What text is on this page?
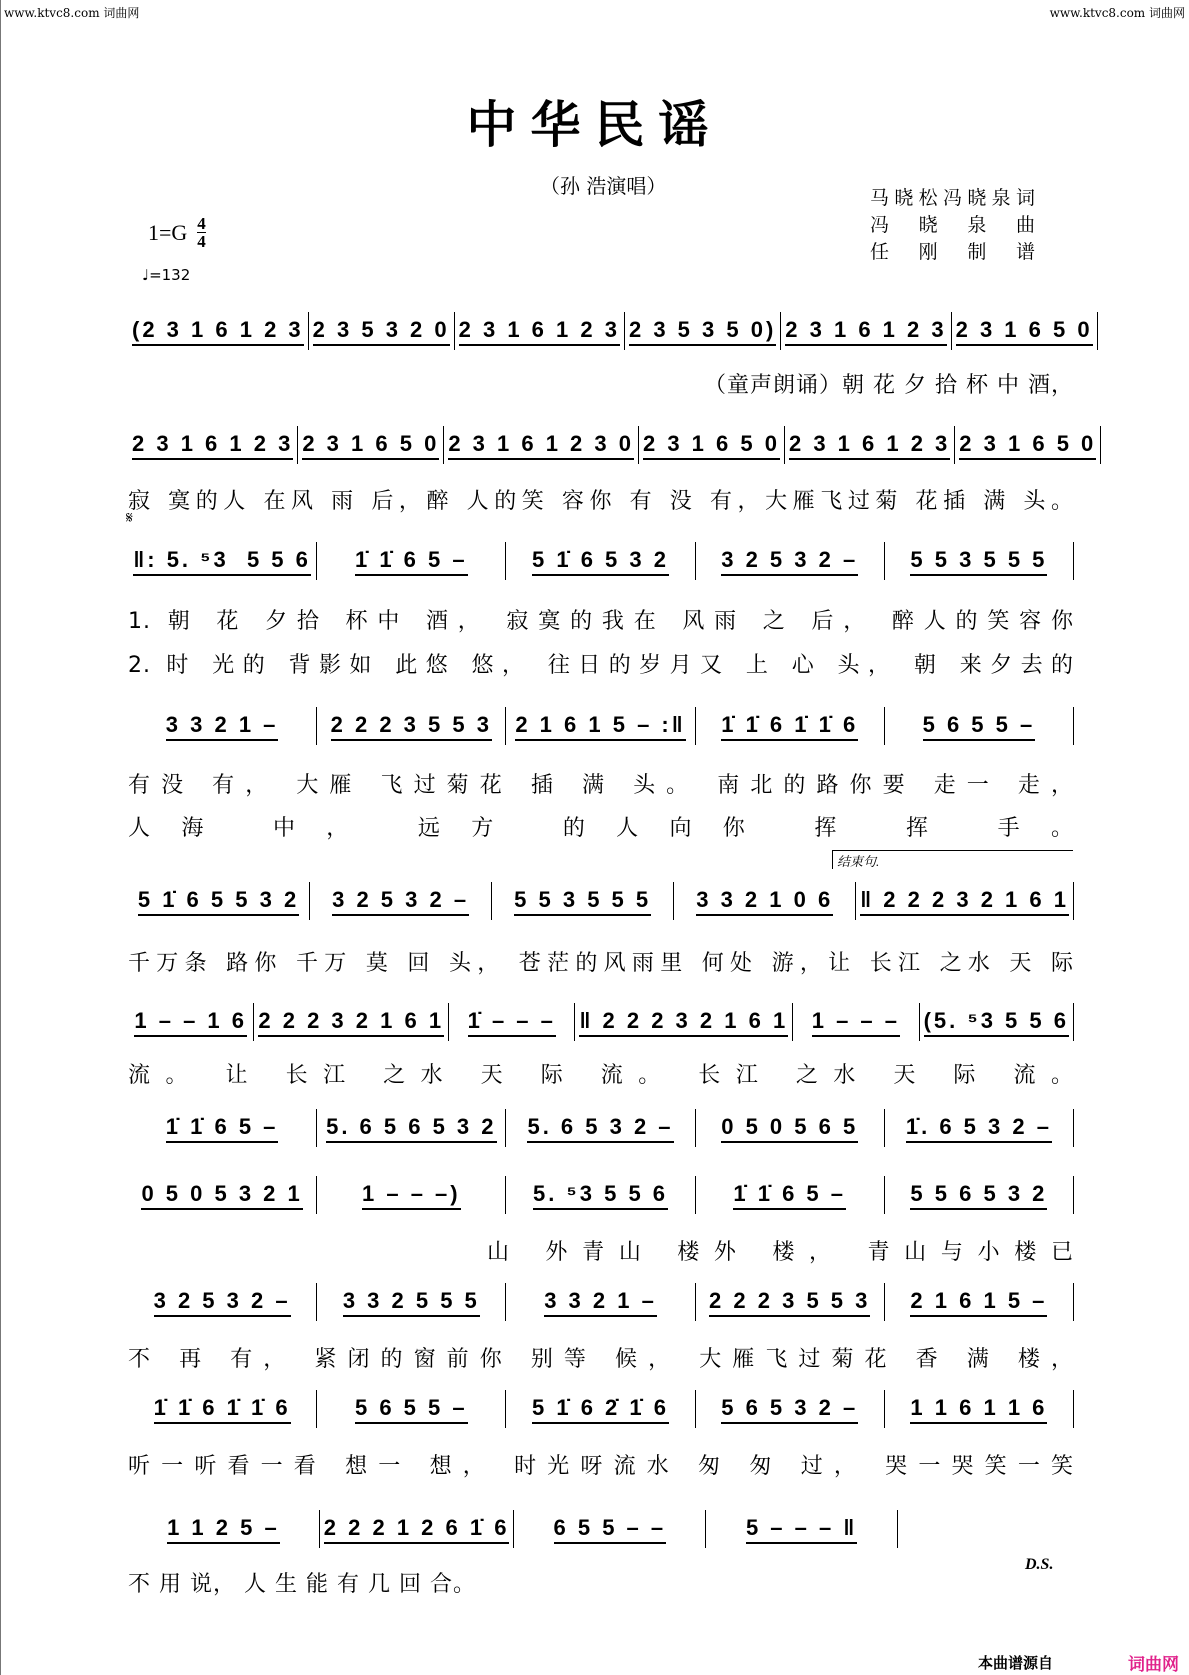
www.ktvc8.com 词曲网	www.ktvc8.com 词曲网
中华民谣
（孙 浩演唱）	马晓松冯晓泉词
冯 晓 泉 曲
任 刚 制 谱
$1=G \frac{4}{4}$
♩=132
𝄋
结束句.
D.S.
本曲谱源自	词曲网
(2 3 1 6 1 2 3 2 3 5 3 2 0 2 3 1 6 1 2 3 2 3 5 3 5 0) 2 3 1 6 1 2 3 2 3 1 6 5 0
（童声朗诵）朝 花 夕 拾 杯 中 酒，
2 3 1 6 1 2 3 2 3 1 6 5 0 2 3 1 6 1 2 3 0 2 3 1 6 5 0 2 3 1 6 1 2 3 2 3 1 6 5 0
寂 寞的人 在风 雨 后，醉 人的笑 容你 有 没 有，大雁飞过菊 花插 满 头。
‖: 5. ⁵3  5 5 6 1̇ 1̇ 6 5 –	5 1̇ 6 5 3 2 3 2 5 3 2 – 5 5 3 5 5 5
1. 朝 花 夕拾 杯中 酒， 寂寞的我在 风雨 之 后， 醉人的笑容你
2. 时 光的 背影如 此悠 悠， 往日的岁月又 上 心 头， 朝 来夕去的
3 3 2 1 – 2 2 2 3 5 5 3 2 1 6 1 5 – :‖ 1̇ 1̇ 6 1̇ 1̇ 6	5 6 5 5 –
有没 有， 大雁 飞过菊花 插 满 头。 南北的路你要 走一 走，
人海 中， 远方 的人向你 挥 挥 手。
5 1̇ 6 5 5 3 2 3 2 5 3 2 – 5 5 3 5 5 5 3 3 2 1 0 6 ‖ 2 2 2 3 2 1 6 1
千万条 路你 千万 莫 回 头， 苍茫的风雨里 何处 游，让 长江 之水 天 际
1 – – 1 6 2 2 2 3 2 1 6 1 1̇ – – – ‖ 2 2 2 3 2 1 6 1 1 – – – (5. ⁵3 5 5 6
流。 让 长江 之水 天 际 流。 长江 之水 天 际 流。
1̇ 1̇ 6 5 – 5. 6 5 6 5 3 2 5. 6 5 3 2 – 0 5 0 5 6 5 1̇. 6 5 3 2 –
0 5 0 5 3 2 1	1 – – –)	5. ⁵3 5 5 6	1̇ 1̇ 6 5 –	5 5 6 5 3 2
山 外青山 楼外 楼， 青山与小楼已
3 2 5 3 2 – 3 3 2 5 5 5	3 3 2 1 – 2 2 2 3 5 5 3 2 1 6 1 5 –
不 再 有， 紧闭的窗前你 别等 候， 大雁飞过菊花 香 满 楼，
1̇ 1̇ 6 1̇ 1̇ 6	5 6 5 5 –	5 1̇ 6 2̇ 1̇ 6 5 6 5 3 2 – 1 1 6 1 1 6
听一听看一看 想一 想， 时光呀流水 匆 匆 过， 哭一哭笑一笑
1 1 2 5 – 2 2 2 1 2 6 1̇ 6 6 5 5 – –	5 – – – ‖
不 用 说， 人 生 能 有 几 回 合。
